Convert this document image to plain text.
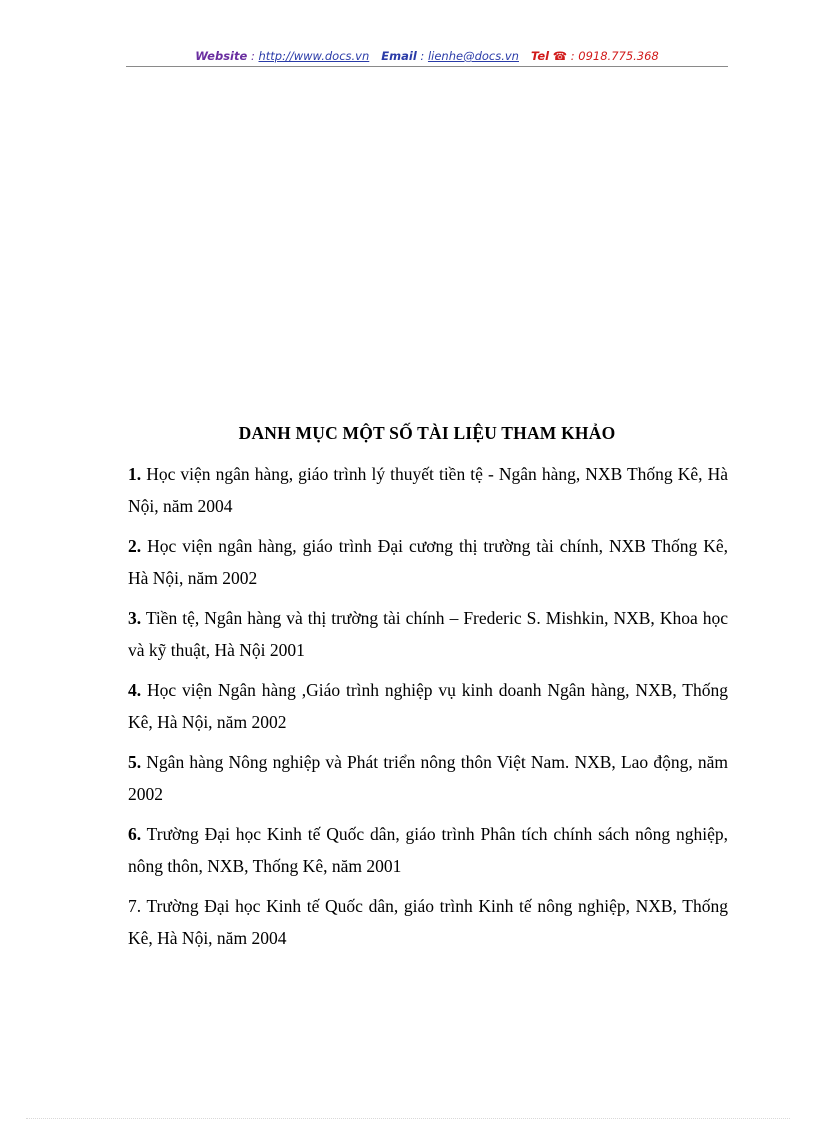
Website : http://www.docs.vn Email : lienhe@docs.vn Tel ☎ : 0918.775.368
DANH MỤC MỘT SỐ TÀI LIỆU THAM KHẢO
1. Học viện ngân hàng, giáo trình lý thuyết tiền tệ - Ngân hàng, NXB Thống Kê, Hà Nội, năm 2004
2. Học viện ngân hàng, giáo trình Đại cương thị trường tài chính, NXB Thống Kê, Hà Nội, năm 2002
3. Tiền tệ, Ngân hàng và thị trường tài chính – Frederic S. Mishkin, NXB, Khoa học và kỹ thuật, Hà Nội 2001
4. Học viện Ngân hàng ,Giáo trình nghiệp vụ kinh doanh Ngân hàng, NXB, Thống Kê, Hà Nội, năm 2002
5. Ngân hàng Nông nghiệp và Phát triển nông thôn Việt Nam. NXB, Lao động, năm 2002
6. Trường Đại học Kinh tế Quốc dân, giáo trình Phân tích chính sách nông nghiệp, nông thôn, NXB, Thống Kê, năm 2001
7. Trường Đại học Kinh tế Quốc dân, giáo trình Kinh tế nông nghiệp, NXB, Thống Kê, Hà Nội, năm 2004
